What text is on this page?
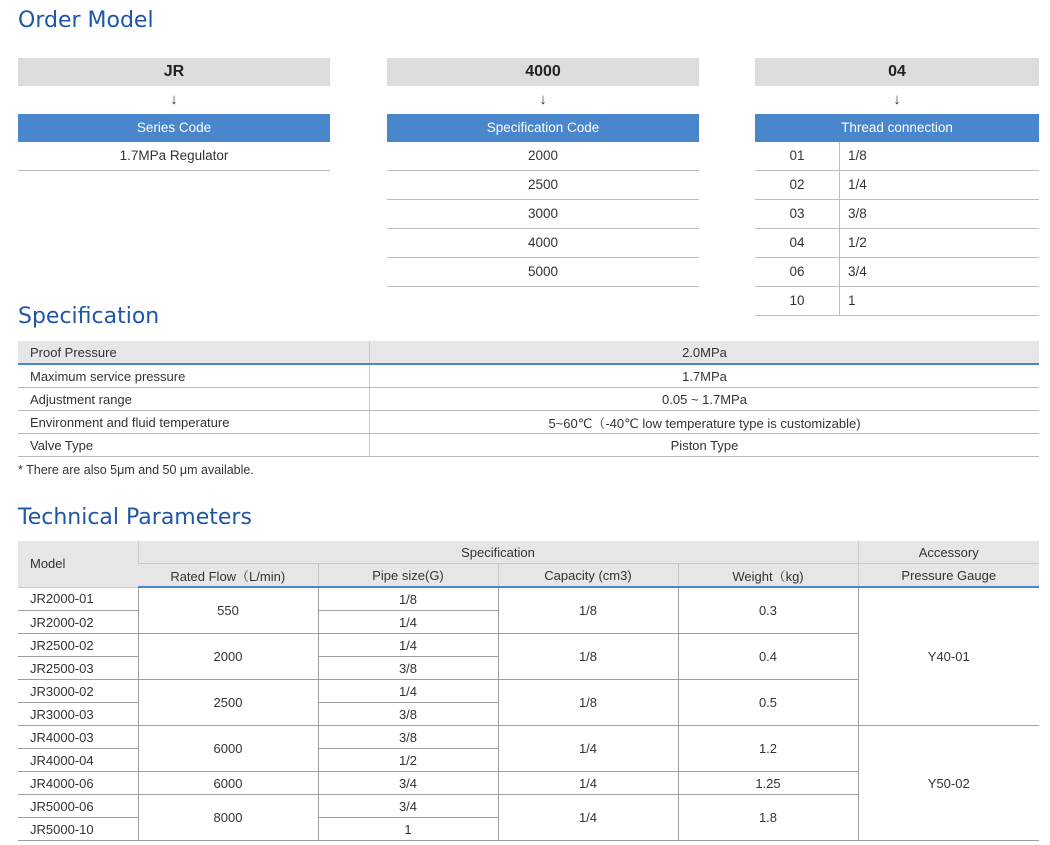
Order Model
JR
↓
Series Code
1.7MPa Regulator
4000
↓
Specification Code
2000
2500
3000
4000
5000
04
↓
Thread connection
01	1/8
02	1/4
03	3/8
04	1/2
06	3/4
10	1
Specification
Proof Pressure	2.0MPa
Maximum service pressure	1.7MPa
Adjustment range	0.05 ~ 1.7MPa
Environment and fluid temperature	5~60℃（-40℃ low temperature type is customizable)
Valve Type	Piston Type
* There are also 5μm and 50 μm available.
Technical Parameters
Model	Specification				Accessory
	Rated Flow（L/min)	Pipe size(G)	Capacity (cm3)	Weight（kg)	Pressure Gauge
JR2000-01	550	1/8	1/8	0.3	Y40-01
JR2000-02		1/4			
JR2500-02	2000	1/4	1/8	0.4	
JR2500-03		3/8			
JR3000-02	2500	1/4	1/8	0.5	
JR3000-03		3/8			
JR4000-03	6000	3/8	1/4	1.2	Y50-02
JR4000-04		1/2			
JR4000-06	6000	3/4	1/4	1.25	
JR5000-06	8000	3/4	1/4	1.8	
JR5000-10		1			
